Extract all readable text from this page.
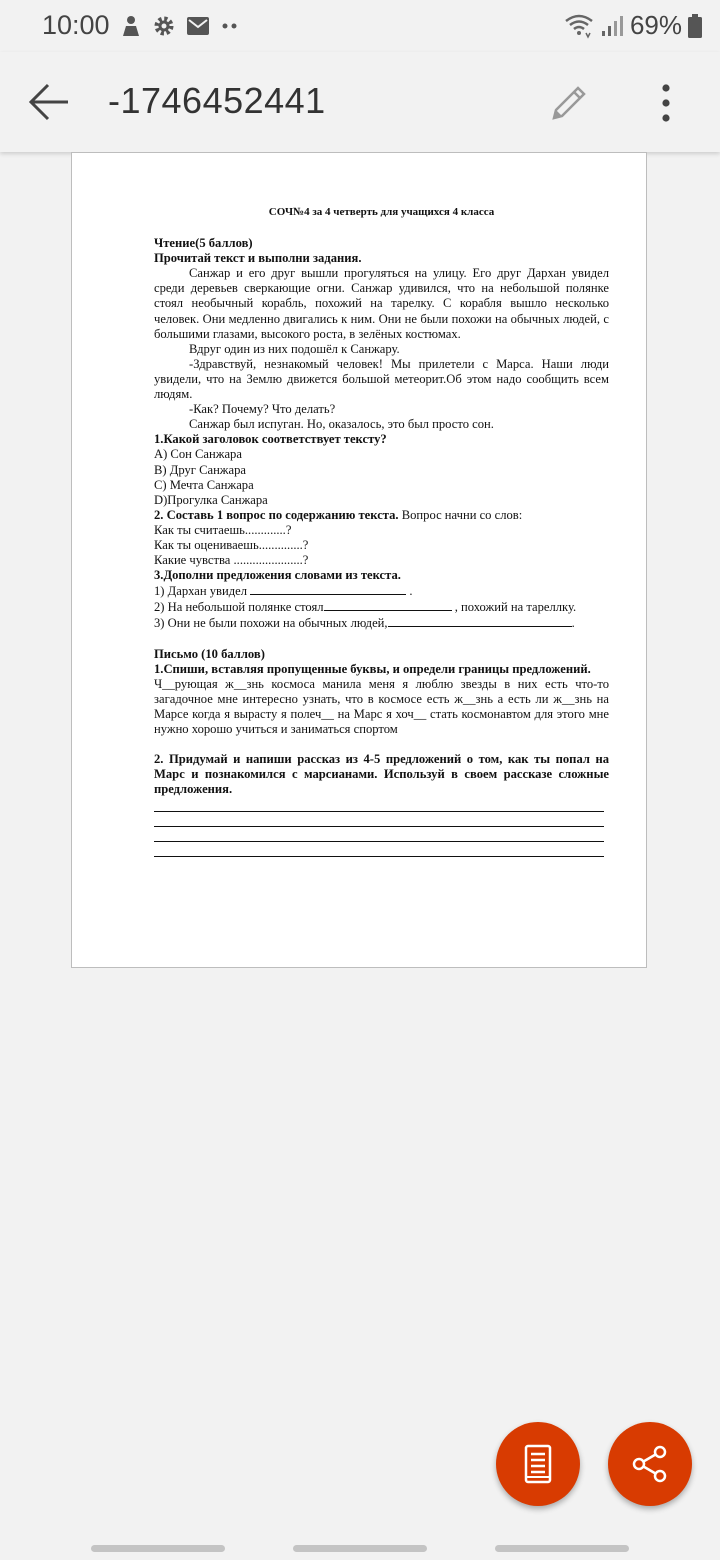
10:00	69%
-1746452441

СОЧ№4 за 4 четверть для учащихся 4 класса

Чтение(5 баллов)

Прочитай текст и выполни задания.

Санжар и его друг вышли прогуляться на улицу. Его друг Дархан увидел среди деревьев сверкающие огни. Санжар удивился, что на небольшой полянке стоял необычный корабль, похожий на тарелку. С корабля вышло несколько человек. Они медленно двигались к ним. Они не были похожи на обычных людей, с большими глазами, высокого роста, в зелёных костюмах.

Вдруг один из них подошёл к Санжару.

-Здравствуй, незнакомый человек! Мы прилетели с Марса. Наши люди увидели, что на Землю движется большой метеорит.Об этом надо сообщить всем людям.

-Как? Почему? Что делать?

Санжар был испуган. Но, оказалось, это был просто сон.

1.Какой заголовок соответствует тексту?

А) Сон Санжара

В) Друг Санжара

С) Мечта Санжара

D)Прогулка Санжара

2. Составь 1 вопрос по содержанию текста. Вопрос начни со слов:

Как ты считаешь.............?

Как ты оцениваешь..............?

Какие чувства ......................?

3.Дополни предложения словами из текста.

1) Дархан увидел	.

2) На небольшой полянке стоял	, похожий на тареллку.

3) Они не были похожи на обычных людей,	.

Письмо (10 баллов)

1.Спиши, вставляя пропущенные буквы, и определи границы предложений.

Ч__рующая ж__знь космоса манила меня я люблю звезды в них есть что-то загадочное мне интересно узнать, что в космосе есть ж__знь а есть ли ж__знь на Марсе когда я вырасту я полеч__ на Марс я хоч__ стать космонавтом для этого мне нужно хорошо учиться и заниматься спортом

2. Придумай и напиши рассказ из 4-5 предложений о том, как ты попал на Марс и познакомился с марсианами. Используй в своем рассказе сложные предложения.
